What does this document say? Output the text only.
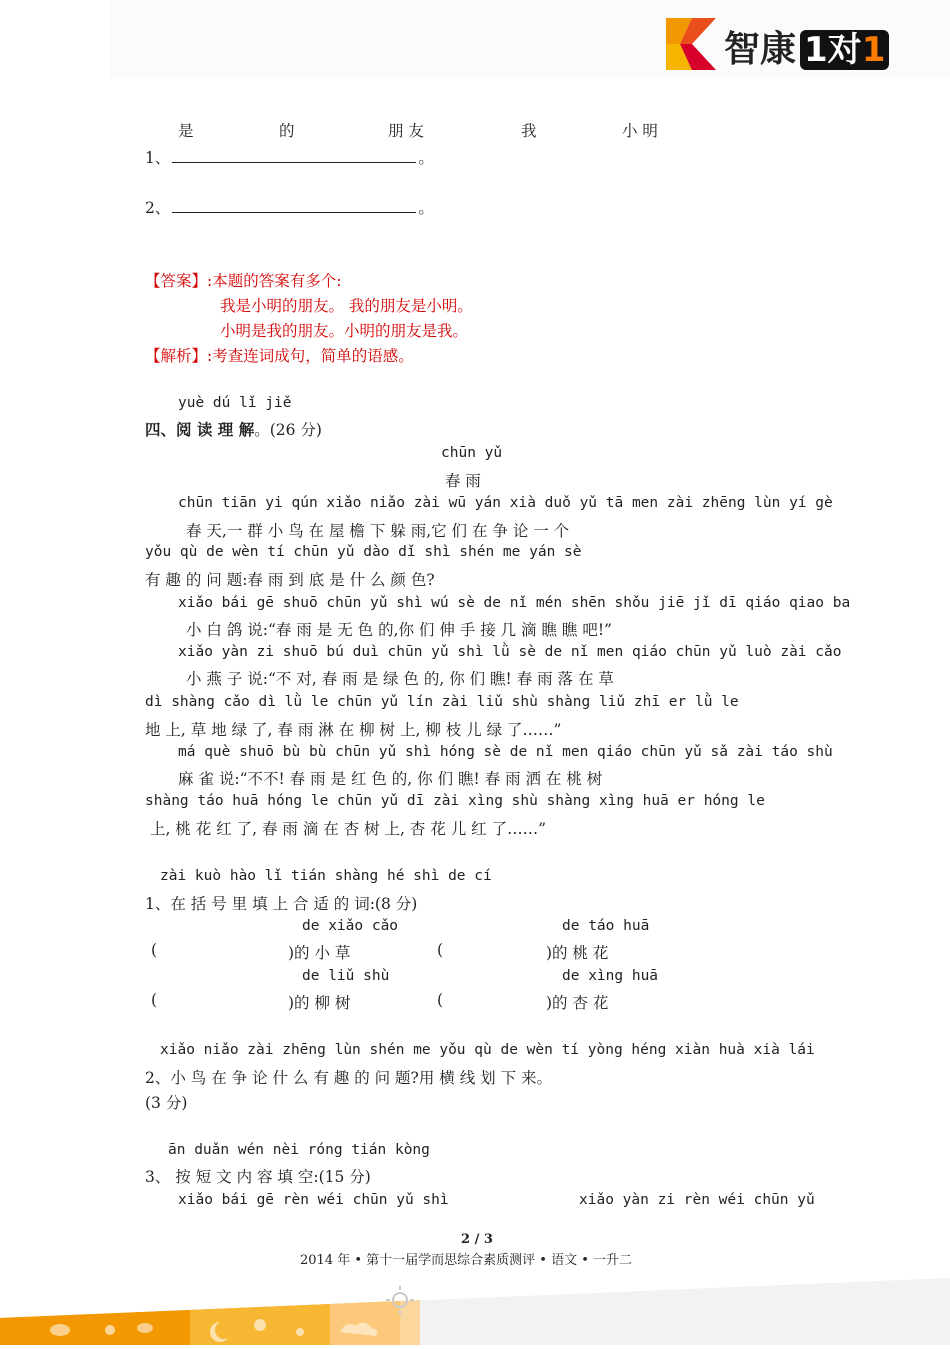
智康 1对1
是	的	朋 友	我	小 明
1、	。
2、	。
【答案】:本题的答案有多个:
我是小明的朋友。 我的朋友是小明。
小明是我的朋友。小明的朋友是我。
【解析】:考查连词成句，简单的语感。
yuè dú lǐ jiě
四、阅 读 理 解。(26 分)
chūn yǔ
春 雨
chūn tiān yi qún xiǎo niǎo zài wū yán xià duǒ yǔ tā men zài zhēng lùn yí gè
春 天,一 群 小 鸟 在 屋 檐 下 躲 雨,它 们 在 争 论 一 个
yǒu qù de wèn tí chūn yǔ dào dǐ shì shén me yán sè
有 趣 的 问 题:春 雨 到 底 是 什 么 颜 色?
xiǎo bái gē shuō chūn yǔ shì wú sè de nǐ mén shēn shǒu jiē jǐ dī qiáo qiao ba
小 白 鸽 说:“春 雨 是 无 色 的,你 们 伸 手 接 几 滴 瞧 瞧 吧!”
xiǎo yàn zi shuō bú duì chūn yǔ shì lǜ sè de nǐ men qiáo chūn yǔ luò zài cǎo
小 燕 子 说:“不 对, 春 雨 是 绿 色 的, 你 们 瞧! 春 雨 落 在 草
dì shàng cǎo dì lǜ le chūn yǔ lín zài liǔ shù shàng liǔ zhī er lǜ le
地 上, 草 地 绿 了, 春 雨 淋 在 柳 树 上, 柳 枝 儿 绿 了……”
má què shuō bù bù chūn yǔ shì hóng sè de nǐ men qiáo chūn yǔ sǎ zài táo shù
麻 雀 说:“不不! 春 雨 是 红 色 的, 你 们 瞧! 春 雨 洒 在 桃 树
shàng táo huā hóng le chūn yǔ dī zài xìng shù shàng xìng huā er hóng le
上, 桃 花 红 了, 春 雨 滴 在 杏 树 上, 杏 花 儿 红 了……”
zài kuò hào lǐ tián shàng hé shì de cí
1、在 括 号 里 填 上 合 适 的 词:(8 分)
de xiǎo cǎo	de táo huā
(	)的 小 草	(	)的 桃 花
de liǔ shù	de xìng huā
(	)的 柳 树	(	)的 杏 花
xiǎo niǎo zài zhēng lùn shén me yǒu qù de wèn tí yòng héng xiàn huà xià lái
2、小 鸟 在 争 论 什 么 有 趣 的 问 题?用 横 线 划 下 来。
(3 分)
ān duǎn wén nèi róng tián kòng
3、 按 短 文 内 容 填 空:(15 分)
xiǎo bái gē rèn wéi chūn yǔ shì	xiǎo yàn zi rèn wéi chūn yǔ
2 / 3
2014 年 • 第十一届学而思综合素质测评 • 语文 • 一升二
